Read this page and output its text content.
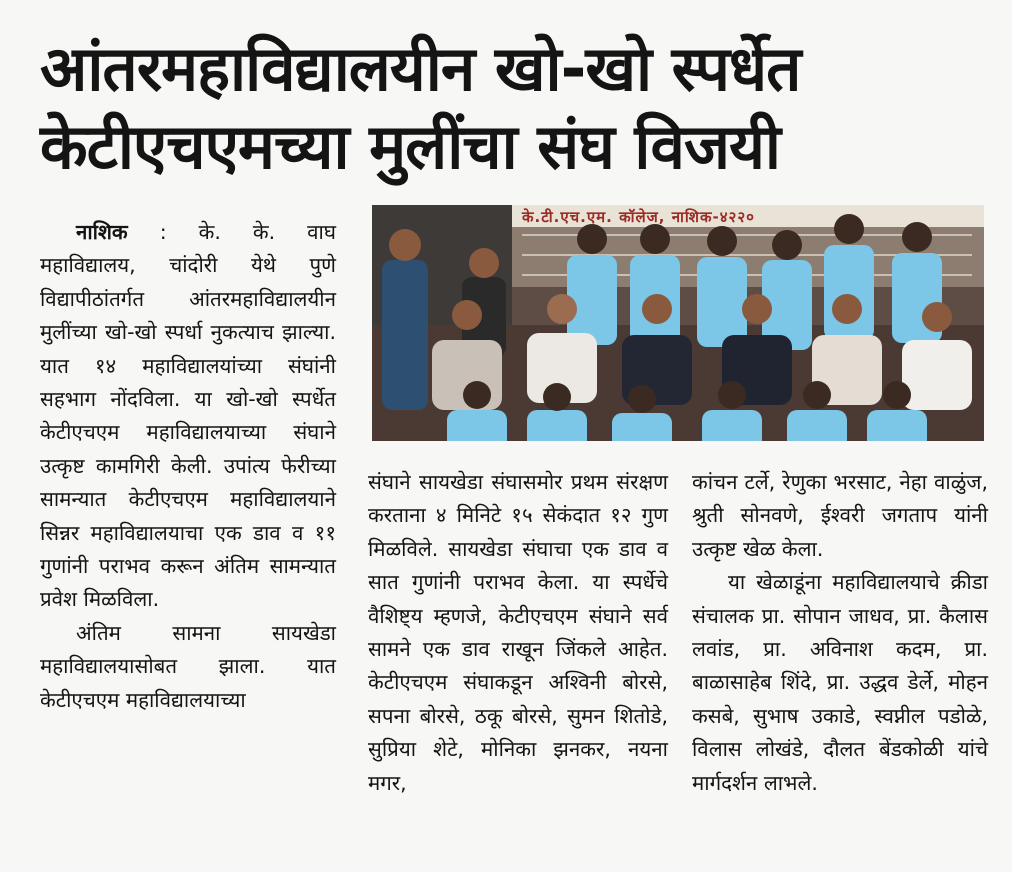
आंतरमहाविद्यालयीन खो-खो स्पर्धेत
केटीएचएमच्या मुलींचा संघ विजयी

नाशिक : के. के. वाघ महाविद्यालय, चांदोरी येथे पुणे विद्यापीठांतर्गत आंतरमहाविद्यालयीन मुलींच्या खो-खो स्पर्धा नुकत्याच झाल्या. यात १४ महाविद्यालयांच्या संघांनी सहभाग नोंदविला. या खो-खो स्पर्धेत केटीएचएम महाविद्यालयाच्या संघाने उत्कृष्ट कामगिरी केली. उपांत्य फेरीच्या सामन्यात केटीएचएम महाविद्यालयाने सिन्नर महाविद्यालयाचा एक डाव व ११ गुणांनी पराभव करून अंतिम सामन्यात प्रवेश मिळविला.

अंतिम सामना सायखेडा महाविद्यालयासोबत झाला. यात केटीएचएम महाविद्यालयाच्या

के.टी.एच.एम. कॉलेज, नाशिक-४२२०

संघाने सायखेडा संघासमोर प्रथम संरक्षण करताना ४ मिनिटे १५ सेकंदात १२ गुण मिळविले. सायखेडा संघाचा एक डाव व सात गुणांनी पराभव केला. या स्पर्धेचे वैशिष्ट्य म्हणजे, केटीएचएम संघाने सर्व सामने एक डाव राखून जिंकले आहेत. केटीएचएम संघाकडून अश्विनी बोरसे, सपना बोरसे, ठकू बोरसे, सुमन शितोडे, सुप्रिया शेटे, मोनिका झनकर, नयना मगर,

कांचन टर्ले, रेणुका भरसाट, नेहा वाळुंज, श्रुती सोनवणे, ईश्वरी जगताप यांनी उत्कृष्ट खेळ केला.

या खेळाडूंना महाविद्यालयाचे क्रीडा संचालक प्रा. सोपान जाधव, प्रा. कैलास लवांड, प्रा. अविनाश कदम, प्रा. बाळासाहेब शिंदे, प्रा. उद्धव डेर्ले, मोहन कसबे, सुभाष उकाडे, स्वप्नील पडोळे, विलास लोखंडे, दौलत बेंडकोळी यांचे मार्गदर्शन लाभले.
